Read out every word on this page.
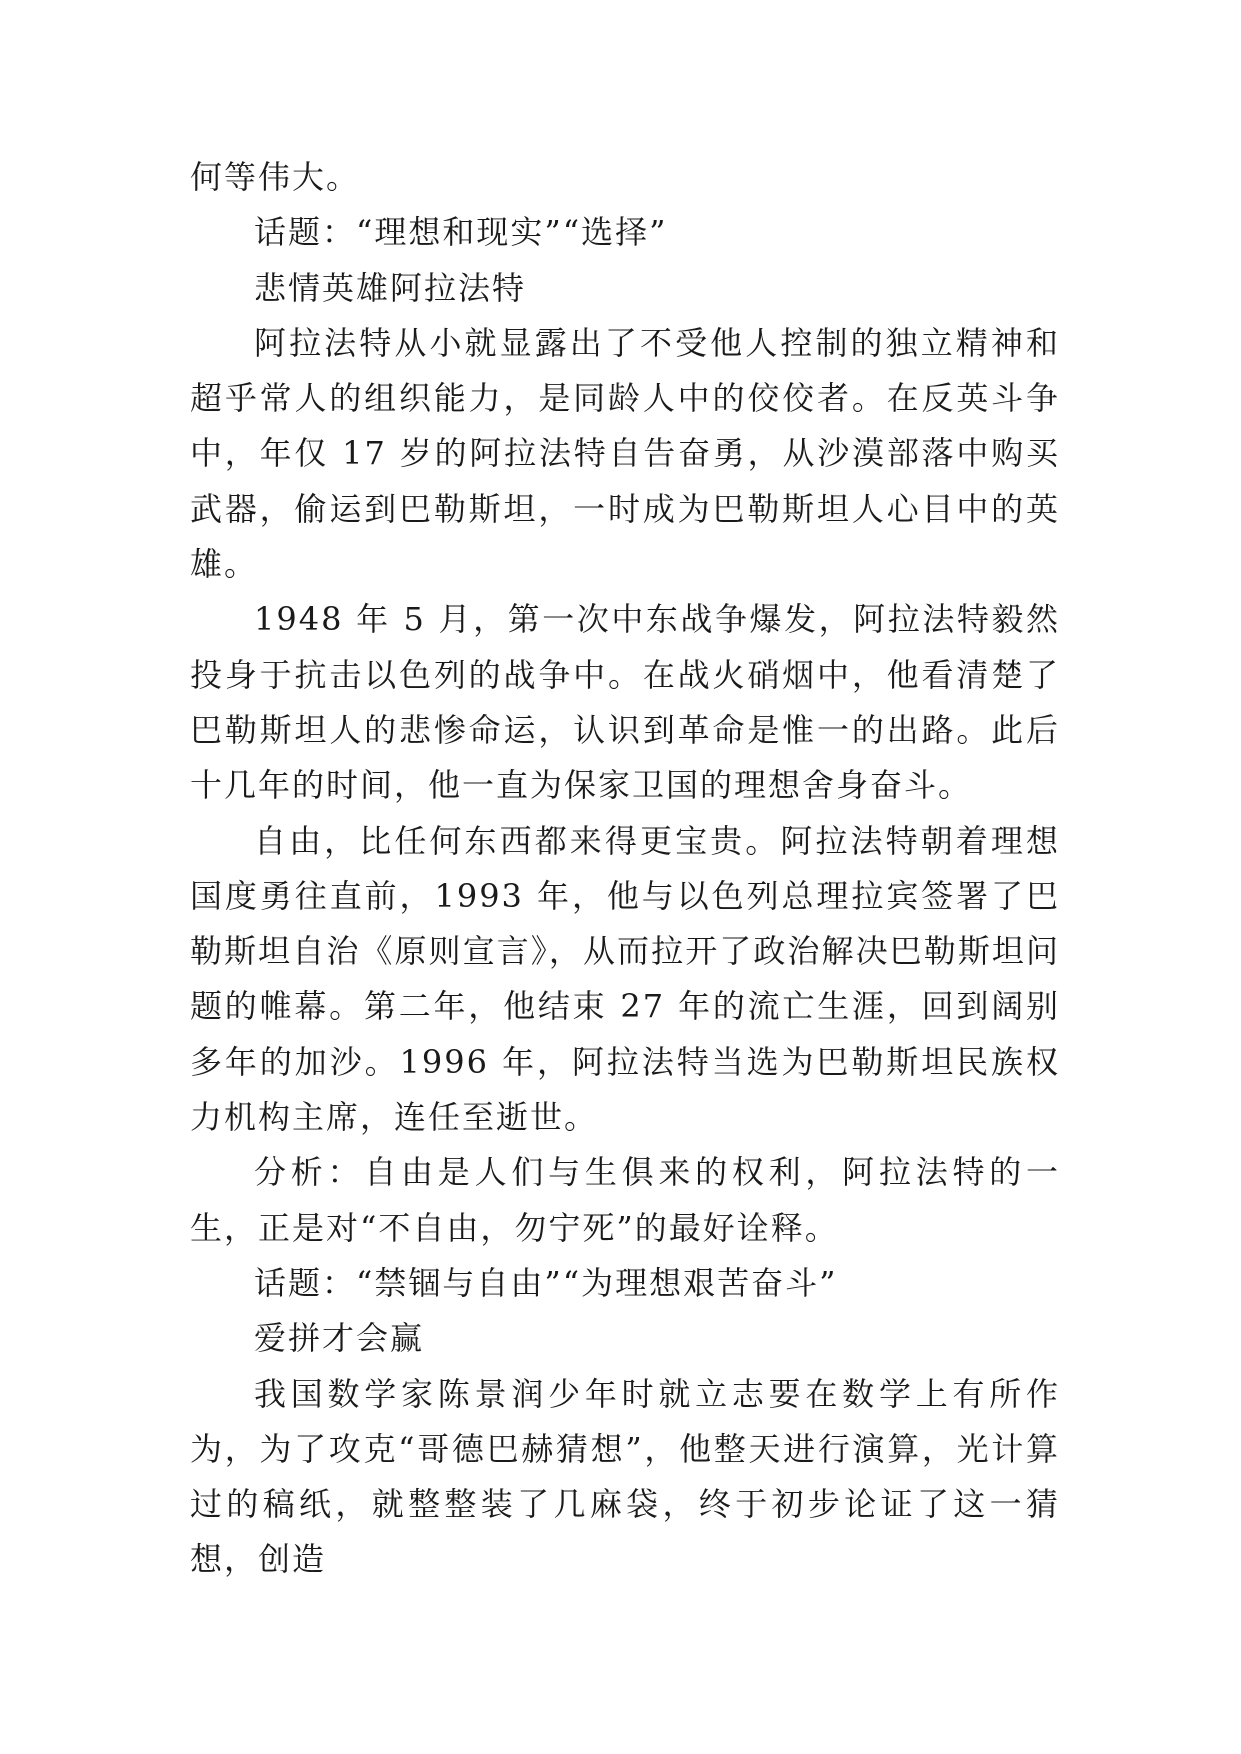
何等伟大。

话题：“理想和现实”“选择”

悲情英雄阿拉法特

阿拉法特从小就显露出了不受他人控制的独立精神和超乎常人的组织能力，是同龄人中的佼佼者。在反英斗争中，年仅 17 岁的阿拉法特自告奋勇，从沙漠部落中购买武器，偷运到巴勒斯坦，一时成为巴勒斯坦人心目中的英雄。

1948 年 5 月，第一次中东战争爆发，阿拉法特毅然投身于抗击以色列的战争中。在战火硝烟中，他看清楚了巴勒斯坦人的悲惨命运，认识到革命是惟一的出路。此后十几年的时间，他一直为保家卫国的理想舍身奋斗。

自由，比任何东西都来得更宝贵。阿拉法特朝着理想国度勇往直前，1993 年，他与以色列总理拉宾签署了巴勒斯坦自治《原则宣言》，从而拉开了政治解决巴勒斯坦问题的帷幕。第二年，他结束 27 年的流亡生涯，回到阔别多年的加沙。1996 年，阿拉法特当选为巴勒斯坦民族权力机构主席，连任至逝世。

分析：自由是人们与生俱来的权利，阿拉法特的一生，正是对“不自由，勿宁死”的最好诠释。

话题：“禁锢与自由”“为理想艰苦奋斗”

爱拼才会赢

我国数学家陈景润少年时就立志要在数学上有所作为，为了攻克“哥德巴赫猜想”，他整天进行演算，光计算过的稿纸，就整整装了几麻袋，终于初步论证了这一猜想，创造
